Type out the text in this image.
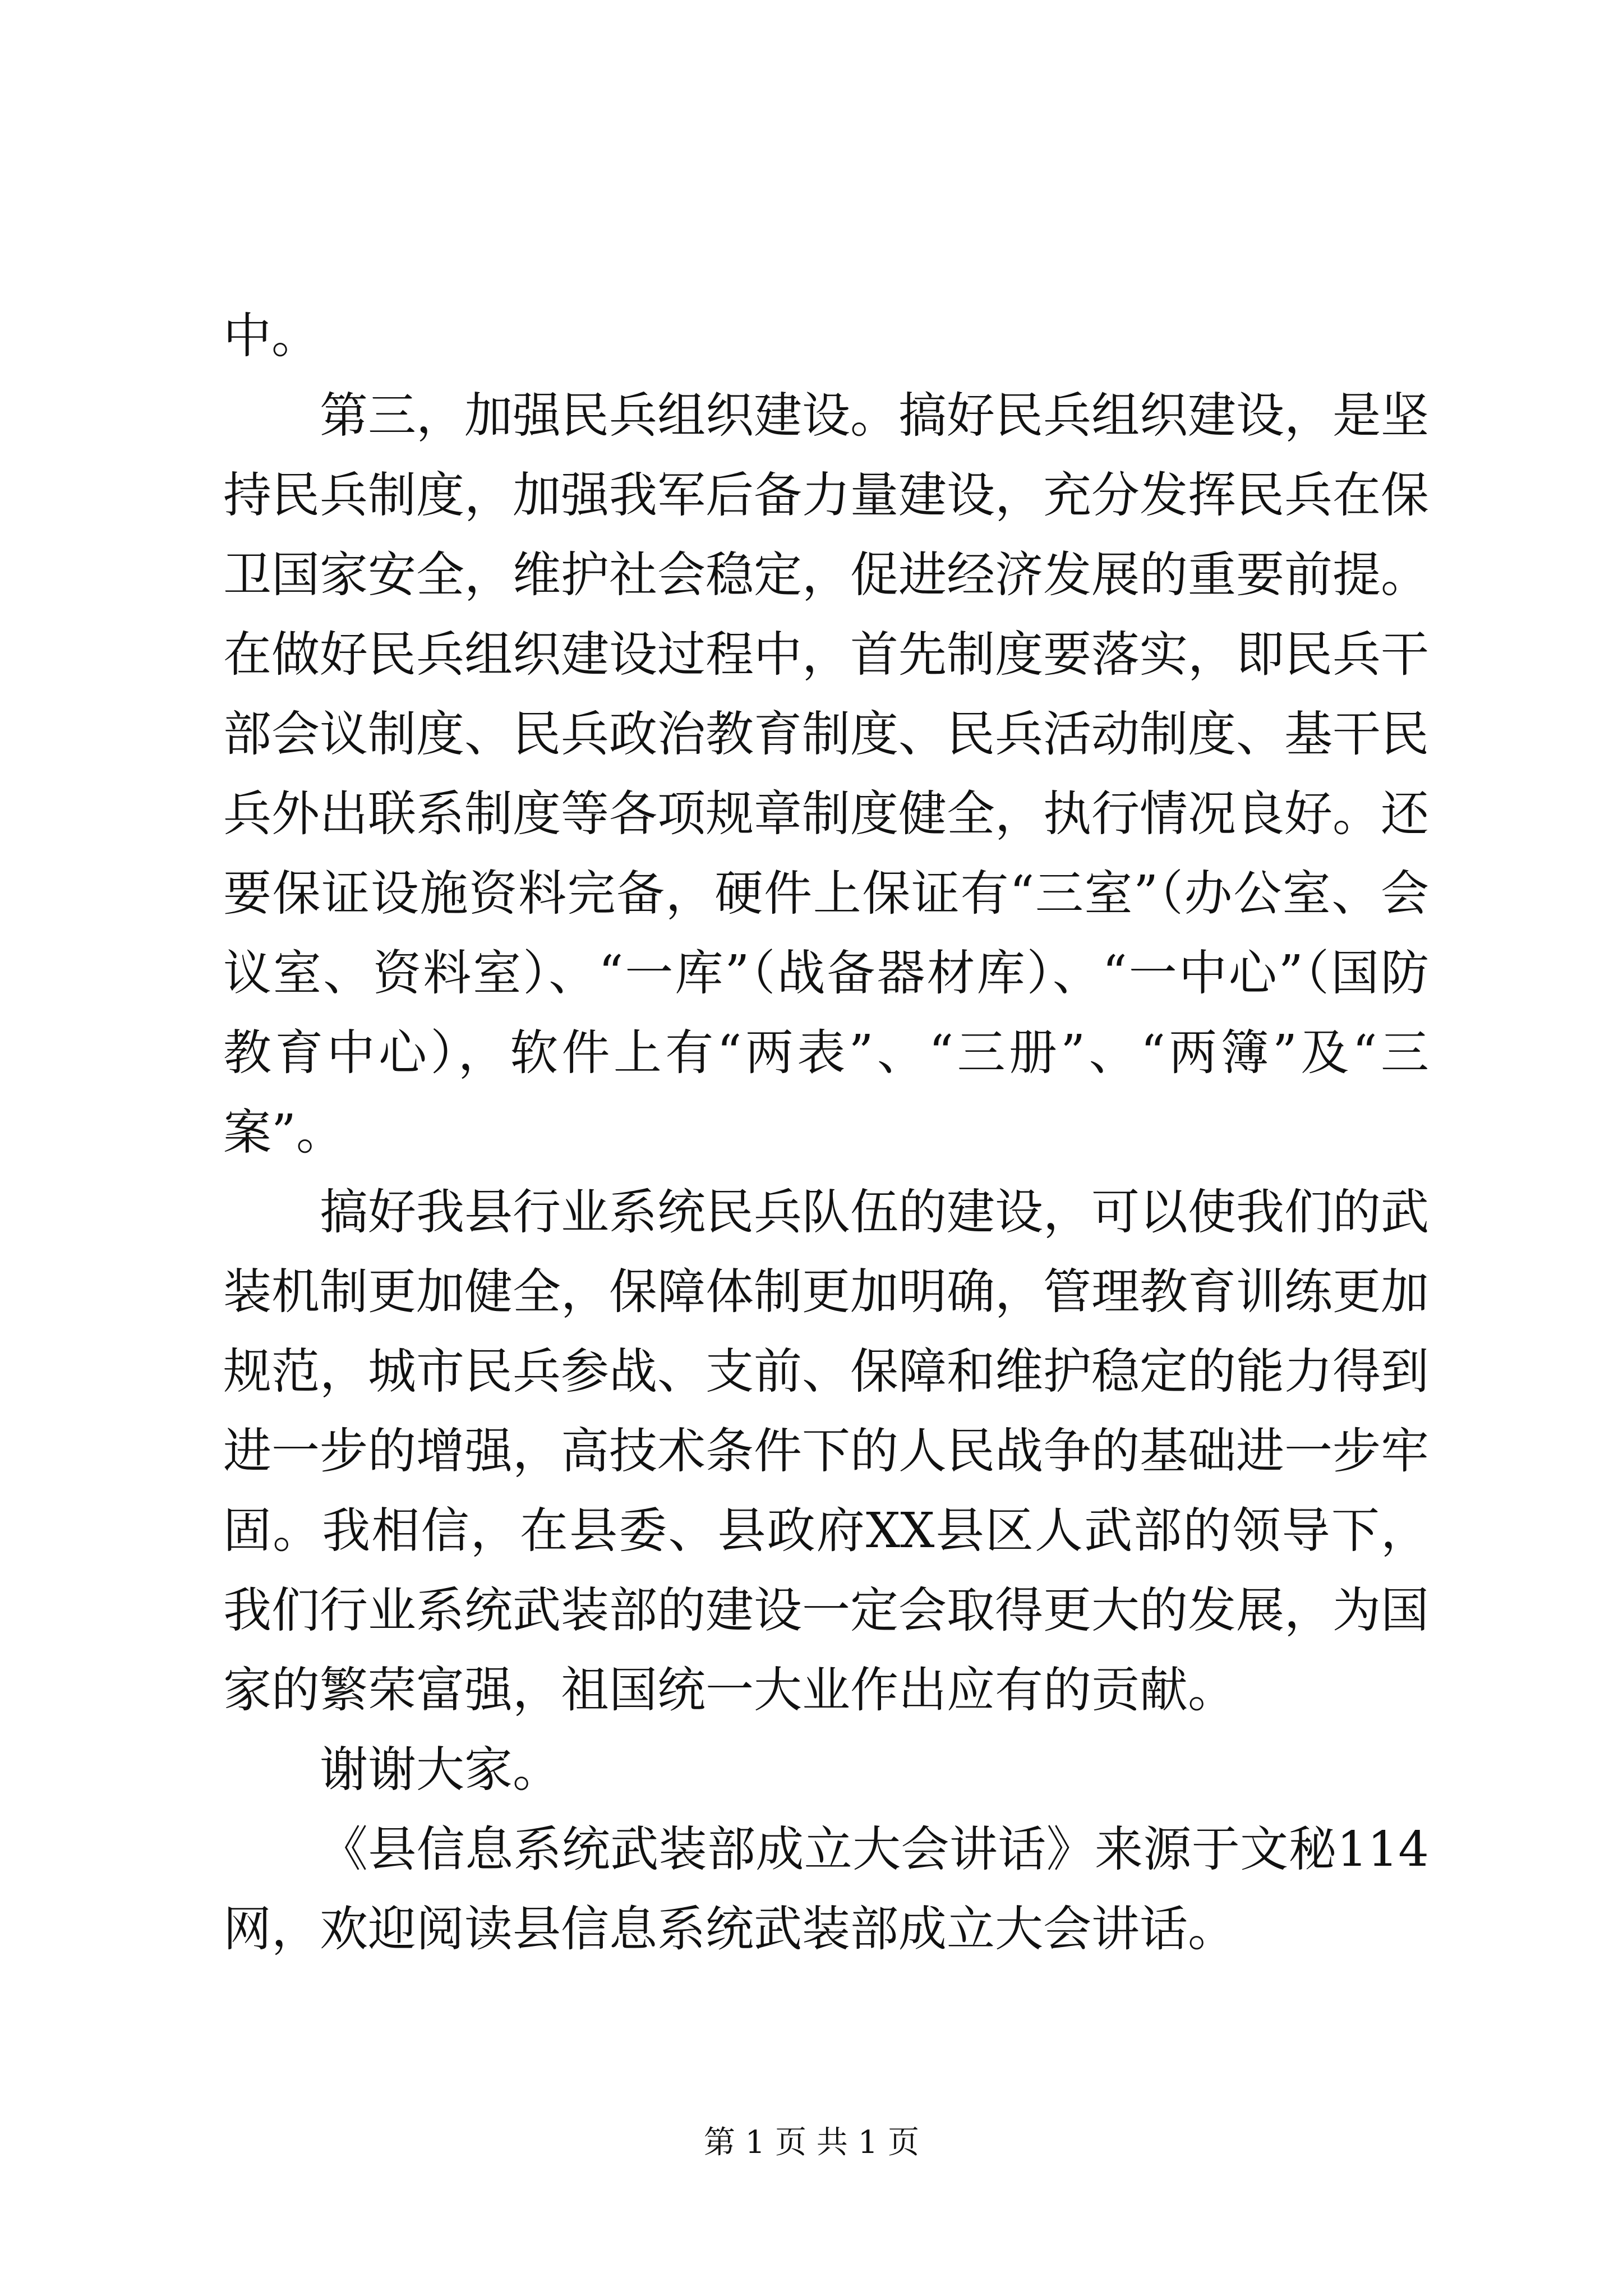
中。

第三，加强民兵组织建设。搞好民兵组织建设，是坚持民兵制度，加强我军后备力量建设，充分发挥民兵在保卫国家安全，维护社会稳定，促进经济发展的重要前提。在做好民兵组织建设过程中，首先制度要落实，即民兵干部会议制度、民兵政治教育制度、民兵活动制度、基干民兵外出联系制度等各项规章制度健全，执行情况良好。还要保证设施资料完备，硬件上保证有“三室”（办公室、会议室、资料室）、“一库”（战备器材库）、“一中心”（国防教育中心），软件上有“两表”、“三册”、“两簿”及“三案”。

搞好我县行业系统民兵队伍的建设，可以使我们的武装机制更加健全，保障体制更加明确，管理教育训练更加规范，城市民兵参战、支前、保障和维护稳定的能力得到进一步的增强，高技术条件下的人民战争的基础进一步牢固。我相信，在县委、县政府XX县区人武部的领导下，我们行业系统武装部的建设一定会取得更大的发展，为国家的繁荣富强，祖国统一大业作出应有的贡献。

谢谢大家。

《县信息系统武装部成立大会讲话》来源于文秘114网，欢迎阅读县信息系统武装部成立大会讲话。

第 1 页 共 1 页
